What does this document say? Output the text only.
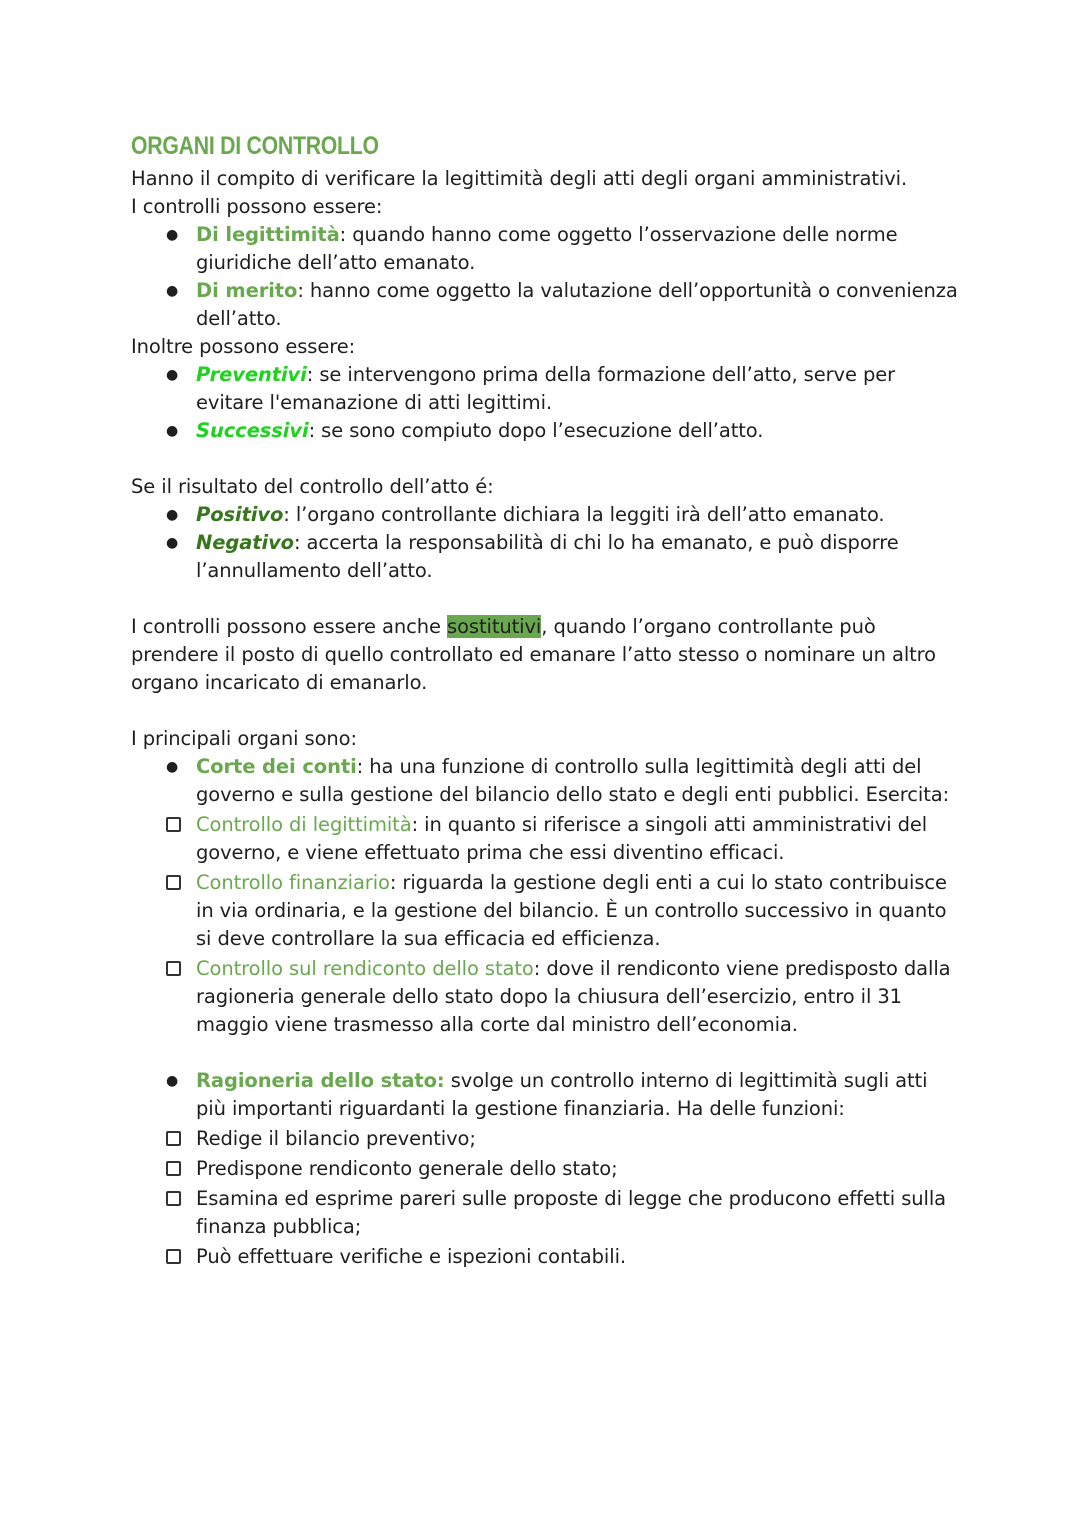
ORGANI DI CONTROLLO

Hanno il compito di verificare la legittimità degli atti degli organi amministrativi.

I controlli possono essere:

● Di legittimità: quando hanno come oggetto l’osservazione delle norme giuridiche dell’atto emanato.
● Di merito: hanno come oggetto la valutazione dell’opportunità o convenienza dell’atto.

Inoltre possono essere:

● Preventivi: se intervengono prima della formazione dell’atto, serve per evitare l'emanazione di atti legittimi.
● Successivi: se sono compiuto dopo l’esecuzione dell’atto.

Se il risultato del controllo dell’atto é:

● Positivo: l’organo controllante dichiara la leggiti irà dell’atto emanato.
● Negativo: accerta la responsabilità di chi lo ha emanato, e può disporre l’annullamento dell’atto.

I controlli possono essere anche sostitutivi, quando l’organo controllante può prendere il posto di quello controllato ed emanare l’atto stesso o nominare un altro organo incaricato di emanarlo.

I principali organi sono:

● Corte dei conti: ha una funzione di controllo sulla legittimità degli atti del governo e sulla gestione del bilancio dello stato e degli enti pubblici. Esercita:
Controllo di legittimità: in quanto si riferisce a singoli atti amministrativi del governo, e viene effettuato prima che essi diventino efficaci.
Controllo finanziario: riguarda la gestione degli enti a cui lo stato contribuisce in via ordinaria, e la gestione del bilancio. È un controllo successivo in quanto si deve controllare la sua efficacia ed efficienza.
Controllo sul rendiconto dello stato: dove il rendiconto viene predisposto dalla ragioneria generale dello stato dopo la chiusura dell’esercizio, entro il 31 maggio viene trasmesso alla corte dal ministro dell’economia.
● Ragioneria dello stato: svolge un controllo interno di legittimità sugli atti più importanti riguardanti la gestione finanziaria. Ha delle funzioni:
Redige il bilancio preventivo;
Predispone rendiconto generale dello stato;
Esamina ed esprime pareri sulle proposte di legge che producono effetti sulla finanza pubblica;
Può effettuare verifiche e ispezioni contabili.
